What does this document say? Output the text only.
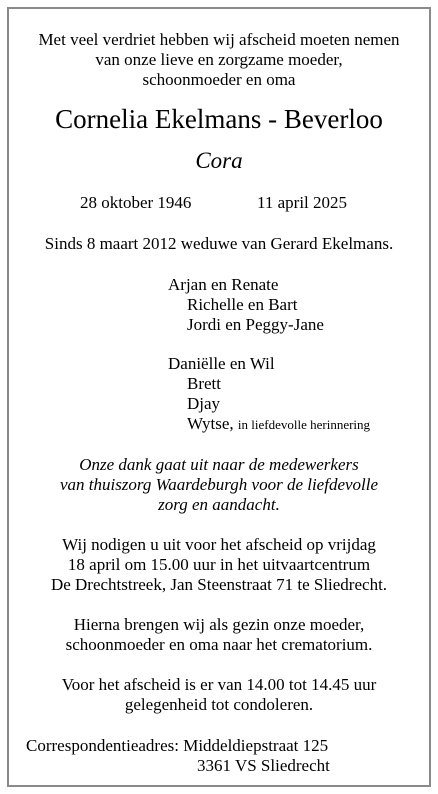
Met veel verdriet hebben wij afscheid moeten nemen
van onze lieve en zorgzame moeder,
schoonmoeder en oma
Cornelia Ekelmans - Beverloo
Cora
28 oktober 1946	11 april 2025
Sinds 8 maart 2012 weduwe van Gerard Ekelmans.
Arjan en Renate
Richelle en Bart
Jordi en Peggy-Jane
Daniëlle en Wil
Brett
Djay
Wytse, in liefdevolle herinnering
Onze dank gaat uit naar de medewerkers
van thuiszorg Waardeburgh voor de liefdevolle
zorg en aandacht.
Wij nodigen u uit voor het afscheid op vrijdag
18 april om 15.00 uur in het uitvaartcentrum
De Drechtstreek, Jan Steenstraat 71 te Sliedrecht.
Hierna brengen wij als gezin onze moeder,
schoonmoeder en oma naar het crematorium.
Voor het afscheid is er van 14.00 tot 14.45 uur
gelegenheid tot condoleren.
Correspondentieadres: Middeldiepstraat 125
3361 VS Sliedrecht
